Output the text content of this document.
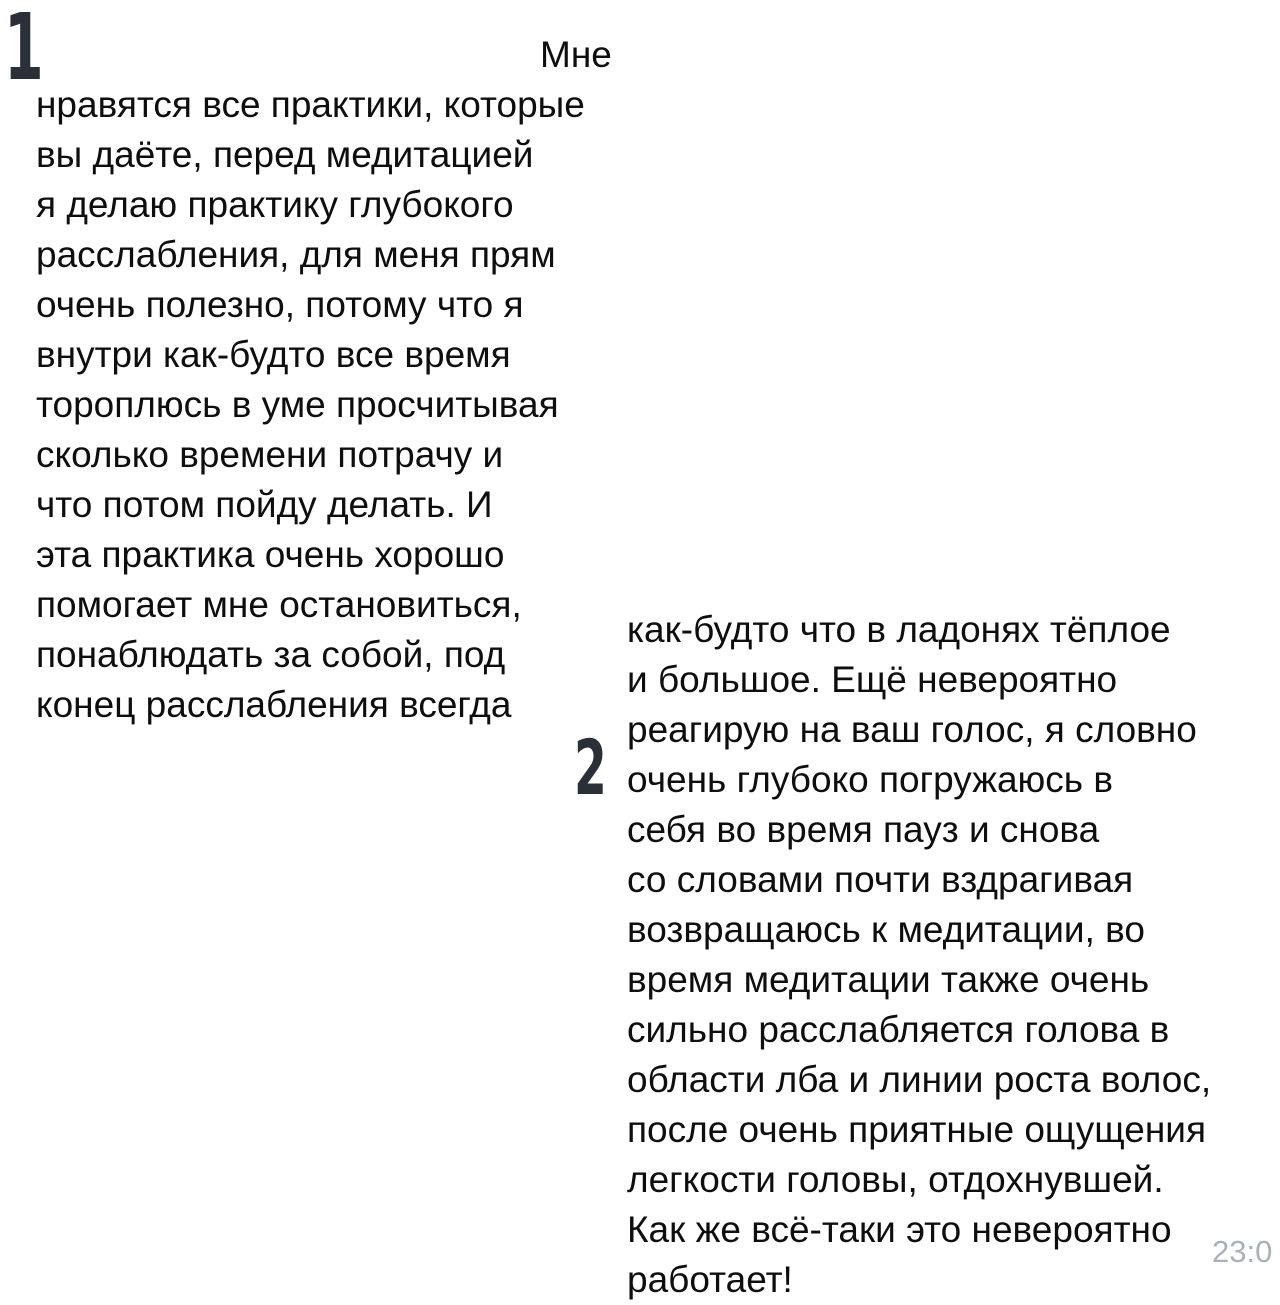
1	Мне
нравятся все практики, которые
вы даёте, перед медитацией
я делаю практику глубокого
расслабления, для меня прям
очень полезно, потому что я
внутри как-будто все время
тороплюсь в уме просчитывая
сколько времени потрачу и
что потом пойду делать. И
эта практика очень хорошо
помогает мне остановиться,
понаблюдать за собой, под
конец расслабления всегда

2

как-будто что в ладонях тёплое
и большое. Ещё невероятно
реагирую на ваш голос, я словно
очень глубоко погружаюсь в
себя во время пауз и снова
со словами почти вздрагивая
возвращаюсь к медитации, во
время медитации также очень
сильно расслабляется голова в
области лба и линии роста волос,
после очень приятные ощущения
легкости головы, отдохнувшей.
Как же всё-таки это невероятно
работает!

23:0
